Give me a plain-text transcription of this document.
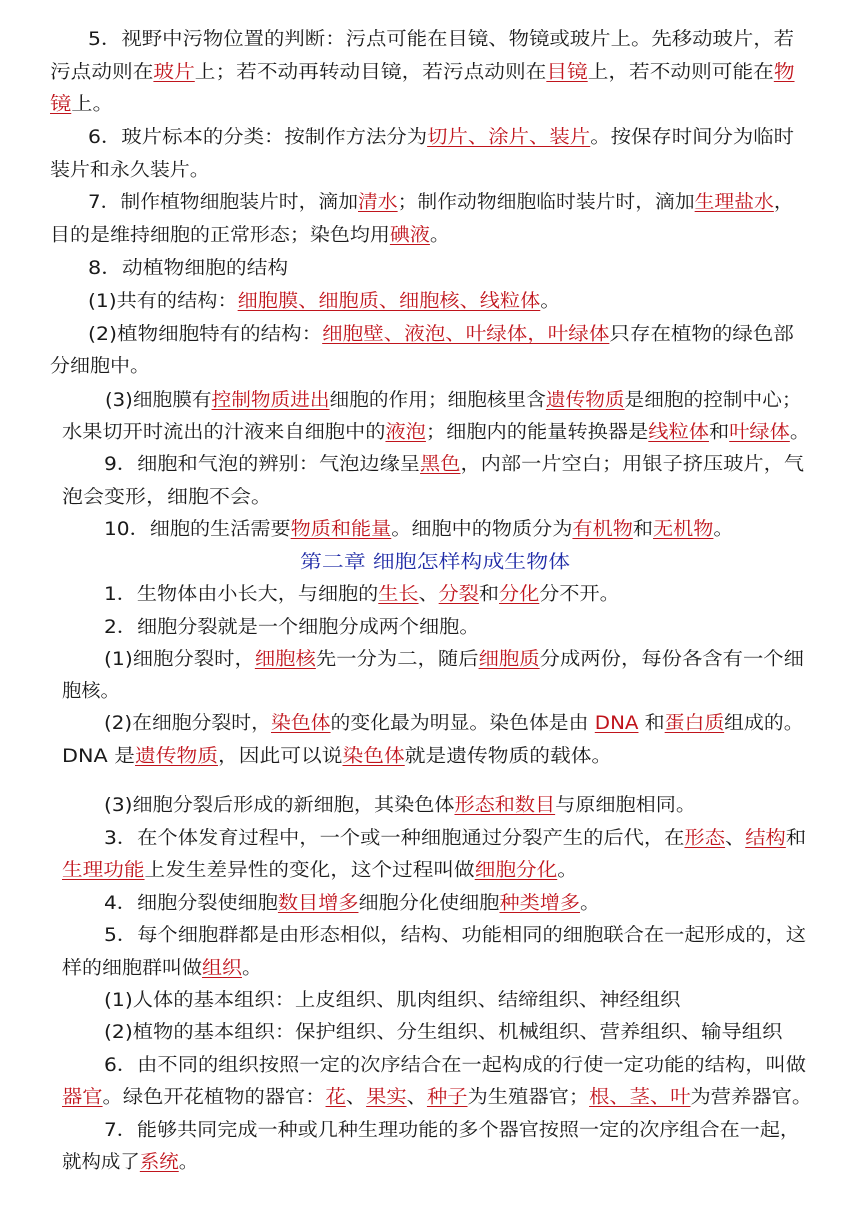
5．视野中污物位置的判断：污点可能在目镜、物镜或玻片上。先移动玻片，若
污点动则在玻片上；若不动再转动目镜，若污点动则在目镜上，若不动则可能在物
镜上。
6．玻片标本的分类：按制作方法分为切片、涂片、装片。按保存时间分为临时
装片和永久装片。
7．制作植物细胞装片时，滴加清水；制作动物细胞临时装片时，滴加生理盐水，
目的是维持细胞的正常形态；染色均用碘液。
8．动植物细胞的结构
(1)共有的结构：细胞膜、细胞质、细胞核、线粒体。
(2)植物细胞特有的结构：细胞壁、液泡、叶绿体，叶绿体只存在植物的绿色部
分细胞中。
(3)细胞膜有控制物质进出细胞的作用；细胞核里含遗传物质是细胞的控制中心；
水果切开时流出的汁液来自细胞中的液泡；细胞内的能量转换器是线粒体和叶绿体。
9．细胞和气泡的辨别：气泡边缘呈黑色，内部一片空白；用银子挤压玻片，气
泡会变形，细胞不会。
10．细胞的生活需要物质和能量。细胞中的物质分为有机物和无机物。
第二章 细胞怎样构成生物体
1．生物体由小长大，与细胞的生长、分裂和分化分不开。
2．细胞分裂就是一个细胞分成两个细胞。
(1)细胞分裂时，细胞核先一分为二，随后细胞质分成两份，每份各含有一个细
胞核。
(2)在细胞分裂时，染色体的变化最为明显。染色体是由 DNA 和蛋白质组成的。
DNA 是遗传物质，因此可以说染色体就是遗传物质的载体。
(3)细胞分裂后形成的新细胞，其染色体形态和数目与原细胞相同。
3．在个体发育过程中，一个或一种细胞通过分裂产生的后代，在形态、结构和
生理功能上发生差异性的变化，这个过程叫做细胞分化。
4．细胞分裂使细胞数目增多细胞分化使细胞种类增多。
5．每个细胞群都是由形态相似，结构、功能相同的细胞联合在一起形成的，这
样的细胞群叫做组织。
(1)人体的基本组织：上皮组织、肌肉组织、结缔组织、神经组织
(2)植物的基本组织：保护组织、分生组织、机械组织、营养组织、输导组织
6．由不同的组织按照一定的次序结合在一起构成的行使一定功能的结构，叫做
器官。绿色开花植物的器官：花、果实、种子为生殖器官；根、茎、叶为营养器官。
7．能够共同完成一种或几种生理功能的多个器官按照一定的次序组合在一起，
就构成了系统。
